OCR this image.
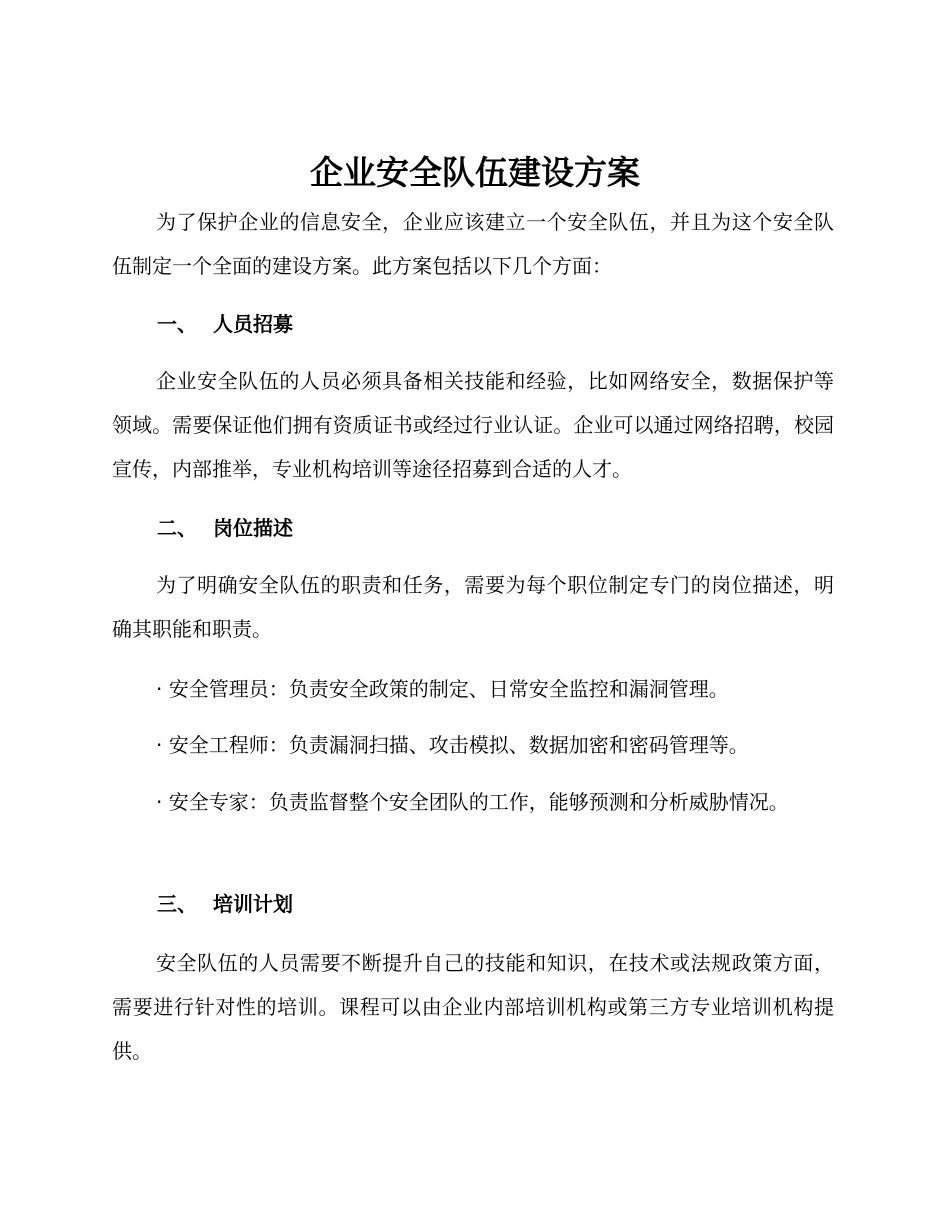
企业安全队伍建设方案

为了保护企业的信息安全，企业应该建立一个安全队伍，并且为这个安全队伍制定一个全面的建设方案。此方案包括以下几个方面：

一、 人员招募

企业安全队伍的人员必须具备相关技能和经验，比如网络安全，数据保护等领域。需要保证他们拥有资质证书或经过行业认证。企业可以通过网络招聘，校园宣传，内部推举，专业机构培训等途径招募到合适的人才。

二、 岗位描述

为了明确安全队伍的职责和任务，需要为每个职位制定专门的岗位描述，明确其职能和职责。

· 安全管理员：负责安全政策的制定、日常安全监控和漏洞管理。

· 安全工程师：负责漏洞扫描、攻击模拟、数据加密和密码管理等。

· 安全专家：负责监督整个安全团队的工作，能够预测和分析威胁情况。

三、 培训计划

安全队伍的人员需要不断提升自己的技能和知识，在技术或法规政策方面，需要进行针对性的培训。课程可以由企业内部培训机构或第三方专业培训机构提供。
